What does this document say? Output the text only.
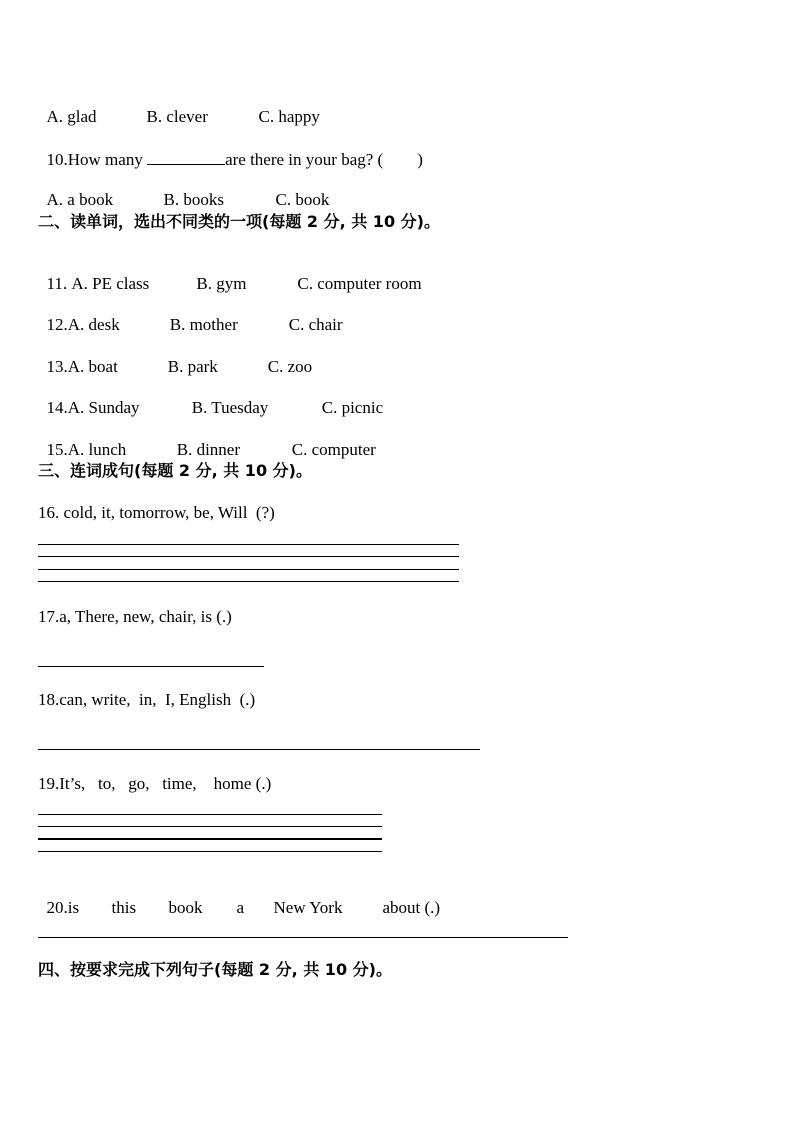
A. glad	B. clever	C. happy

10.How many	are there in your bag? (        )

A. a book	B. books	C. book

二、读单词，选出不同类的一项(每题 2 分, 共 10 分)。

11. A. PE class	B. gym	C. computer room

12.A. desk	B. mother	C. chair

13.A. boat	B. park	C. zoo

14.A. Sunday	B. Tuesday	C. picnic

15.A. lunch	B. dinner	C. computer

三、连词成句(每题 2 分, 共 10 分)。
16. cold, it, tomorrow, be, Will  (?)
17.a, There, new, chair, is (.)
18.can, write,  in,  I, English  (.)
19.It’s,   to,   go,   time,    home (.)

20.is this book a New York about (.)

四、按要求完成下列句子(每题 2 分, 共 10 分)。
